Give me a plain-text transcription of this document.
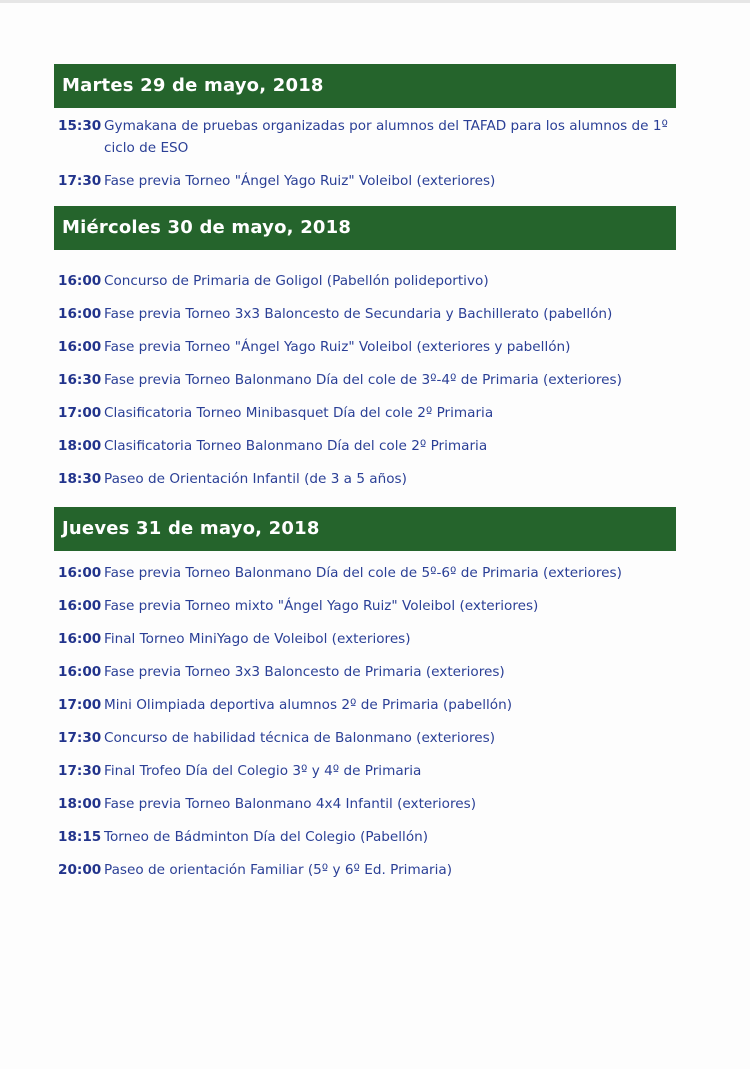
Martes 29 de mayo, 2018
15:30 Gymakana de pruebas organizadas por alumnos del TAFAD para los alumnos de 1º ciclo de ESO
17:30 Fase previa Torneo "Ángel Yago Ruiz" Voleibol (exteriores)
Miércoles 30 de mayo, 2018
16:00 Concurso de Primaria de Goligol (Pabellón polideportivo)
16:00 Fase previa Torneo 3x3 Baloncesto de Secundaria y Bachillerato (pabellón)
16:00 Fase previa Torneo "Ángel Yago Ruiz" Voleibol (exteriores y pabellón)
16:30 Fase previa Torneo Balonmano Día del cole de 3º-4º de Primaria (exteriores)
17:00 Clasificatoria Torneo Minibasquet Día del cole 2º Primaria
18:00 Clasificatoria Torneo Balonmano Día del cole 2º Primaria
18:30 Paseo de Orientación Infantil (de 3 a 5 años)
Jueves 31 de mayo, 2018
16:00 Fase previa Torneo Balonmano Día del cole de 5º-6º de Primaria (exteriores)
16:00 Fase previa Torneo mixto "Ángel Yago Ruiz" Voleibol (exteriores)
16:00 Final Torneo MiniYago de Voleibol (exteriores)
16:00 Fase previa Torneo 3x3 Baloncesto de Primaria (exteriores)
17:00 Mini Olimpiada deportiva alumnos 2º de Primaria (pabellón)
17:30 Concurso de habilidad técnica de Balonmano (exteriores)
17:30 Final Trofeo Día del Colegio 3º y 4º de Primaria
18:00 Fase previa Torneo Balonmano 4x4 Infantil (exteriores)
18:15 Torneo de Bádminton Día del Colegio (Pabellón)
20:00 Paseo de orientación Familiar (5º y 6º Ed. Primaria)
